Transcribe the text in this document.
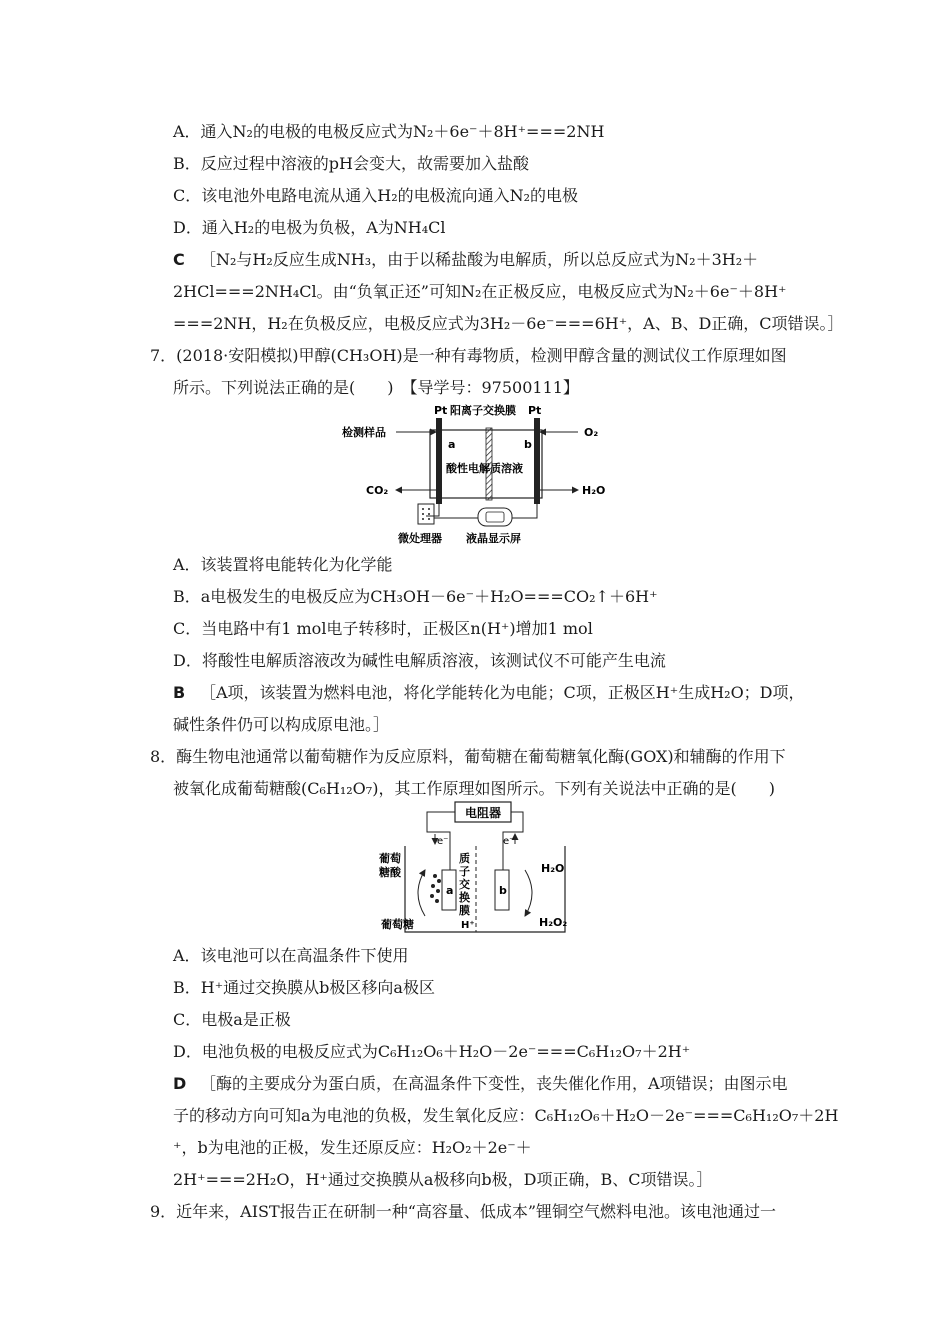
A．通入N₂的电极的电极反应式为N₂＋6e⁻＋8H⁺===2NH
B．反应过程中溶液的pH会变大，故需要加入盐酸
C．该电池外电路电流从通入H₂的电极流向通入N₂的电极
D．通入H₂的电极为负极，A为NH₄Cl
C ［N₂与H₂反应生成NH₃，由于以稀盐酸为电解质，所以总反应式为N₂＋3H₂＋
2HCl===2NH₄Cl。由“负氧正还”可知N₂在正极反应，电极反应式为N₂＋6e⁻＋8H⁺
===2NH，H₂在负极反应，电极反应式为3H₂－6e⁻===6H⁺，A、B、D正确，C项错误。］
7．(2018·安阳模拟)甲醇(CH₃OH)是一种有毒物质，检测甲醇含量的测试仪工作原理如图
所示。下列说法正确的是(　　)　【导学号：97500111】
Pt 阳离子交换膜 Pt
检测样品
a	b
O₂
酸性电解质溶液
CO₂	H₂O
微处理器 液晶显示屏
A．该装置将电能转化为化学能
B．a电极发生的电极反应为CH₃OH－6e⁻＋H₂O===CO₂↑＋6H⁺
C．当电路中有1 mol电子转移时，正极区n(H⁺)增加1 mol
D．将酸性电解质溶液改为碱性电解质溶液，该测试仪不可能产生电流
B ［A项，该装置为燃料电池，将化学能转化为电能；C项，正极区H⁺生成H₂O；D项，
碱性条件仍可以构成原电池。］
8．酶生物电池通常以葡萄糖作为反应原料，葡萄糖在葡萄糖氧化酶(GOX)和辅酶的作用下
被氧化成葡萄糖酸(C₆H₁₂O₇)，其工作原理如图所示。下列有关说法中正确的是(　　)
电阻器
e⁻	e⁻
a	b
葡萄
糖酸
葡萄糖
质
子
交
换
膜
H⁺
H₂O
H₂O₂
A．该电池可以在高温条件下使用
B．H⁺通过交换膜从b极区移向a极区
C．电极a是正极
D．电池负极的电极反应式为C₆H₁₂O₆＋H₂O－2e⁻===C₆H₁₂O₇＋2H⁺
D ［酶的主要成分为蛋白质，在高温条件下变性，丧失催化作用，A项错误；由图示电
子的移动方向可知a为电池的负极，发生氧化反应：C₆H₁₂O₆＋H₂O－2e⁻===C₆H₁₂O₇＋2H
⁺，b为电池的正极，发生还原反应：H₂O₂＋2e⁻＋
2H⁺===2H₂O，H⁺通过交换膜从a极移向b极，D项正确，B、C项错误。］
9．近年来，AIST报告正在研制一种“高容量、低成本”锂铜空气燃料电池。该电池通过一
